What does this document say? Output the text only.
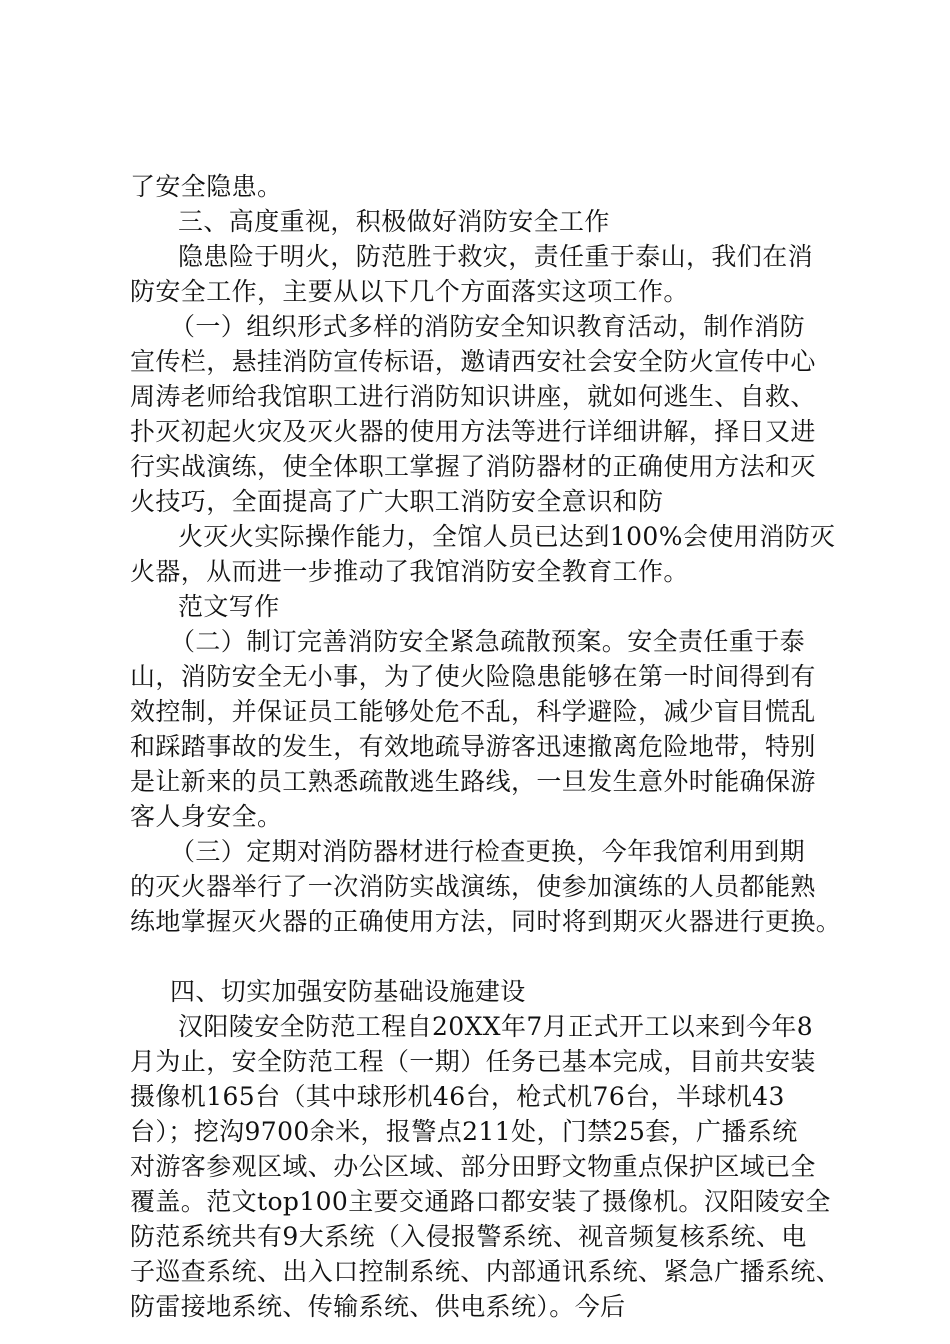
了安全隐患。
三、高度重视，积极做好消防安全工作
隐患险于明火，防范胜于救灾，责任重于泰山，我们在消
防安全工作，主要从以下几个方面落实这项工作。
（一）组织形式多样的消防安全知识教育活动，制作消防
宣传栏，悬挂消防宣传标语，邀请西安社会安全防火宣传中心
周涛老师给我馆职工进行消防知识讲座，就如何逃生、自救、
扑灭初起火灾及灭火器的使用方法等进行详细讲解，择日又进
行实战演练，使全体职工掌握了消防器材的正确使用方法和灭
火技巧，全面提高了广大职工消防安全意识和防
火灭火实际操作能力，全馆人员已达到100%会使用消防灭
火器，从而进一步推动了我馆消防安全教育工作。
范文写作
（二）制订完善消防安全紧急疏散预案。安全责任重于泰
山，消防安全无小事，为了使火险隐患能够在第一时间得到有
效控制，并保证员工能够处危不乱，科学避险，减少盲目慌乱
和踩踏事故的发生，有效地疏导游客迅速撤离危险地带，特别
是让新来的员工熟悉疏散逃生路线，一旦发生意外时能确保游
客人身安全。
（三）定期对消防器材进行检查更换，今年我馆利用到期
的灭火器举行了一次消防实战演练，使参加演练的人员都能熟
练地掌握灭火器的正确使用方法，同时将到期灭火器进行更换。
四、切实加强安防基础设施建设
汉阳陵安全防范工程自20XX年7月正式开工以来到今年8
月为止，安全防范工程（一期）任务已基本完成，目前共安装
摄像机165台（其中球形机46台，枪式机76台，半球机43
台）；挖沟9700余米，报警点211处，门禁25套，广播系统
对游客参观区域、办公区域、部分田野文物重点保护区域已全
覆盖。范文top100主要交通路口都安装了摄像机。汉阳陵安全
防范系统共有9大系统（入侵报警系统、视音频复核系统、电
子巡查系统、出入口控制系统、内部通讯系统、紧急广播系统、
防雷接地系统、传输系统、供电系统）。今后
